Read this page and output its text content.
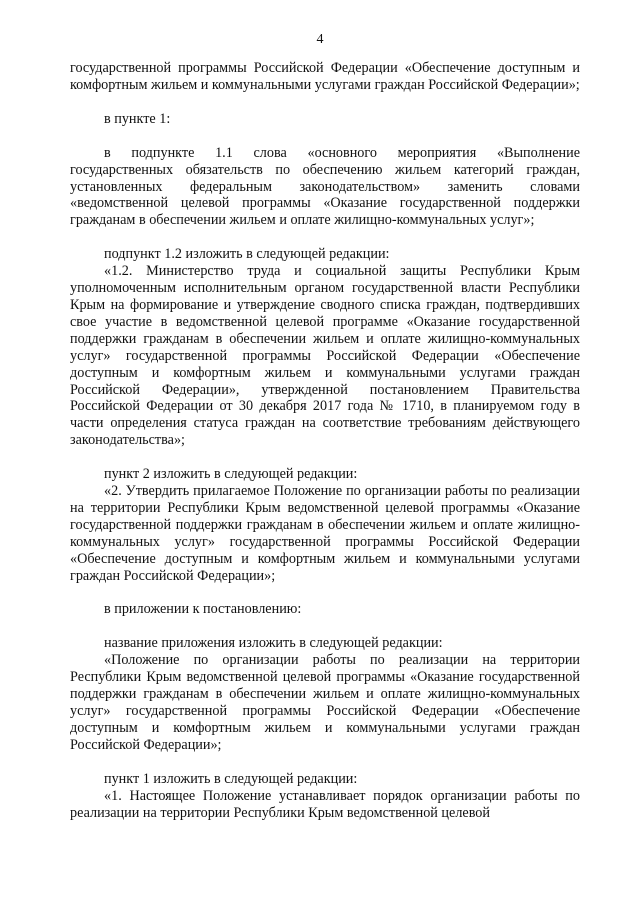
4

государственной программы Российской Федерации «Обеспечение доступным и комфортным жильем и коммунальными услугами граждан Российской Федерации»;

в пункте 1:

в подпункте 1.1 слова «основного мероприятия «Выполнение государственных обязательств по обеспечению жильем категорий граждан, установленных федеральным законодательством» заменить словами «ведомственной целевой программы «Оказание государственной поддержки гражданам в обеспечении жильем и оплате жилищно-коммунальных услуг»;

подпункт 1.2 изложить в следующей редакции:

«1.2. Министерство труда и социальной защиты Республики Крым уполномоченным исполнительным органом государственной власти Республики Крым на формирование и утверждение сводного списка граждан, подтвердивших свое участие в ведомственной целевой программе «Оказание государственной поддержки гражданам в обеспечении жильем и оплате жилищно-коммунальных услуг» государственной программы Российской Федерации «Обеспечение доступным и комфортным жильем и коммунальными услугами граждан Российской Федерации», утвержденной постановлением Правительства Российской Федерации от 30 декабря 2017 года № 1710, в планируемом году в части определения статуса граждан на соответствие требованиям действующего законодательства»;

пункт 2 изложить в следующей редакции:

«2. Утвердить прилагаемое Положение по организации работы по реализации на территории Республики Крым ведомственной целевой программы «Оказание государственной поддержки гражданам в обеспечении жильем и оплате жилищно-коммунальных услуг» государственной программы Российской Федерации «Обеспечение доступным и комфортным жильем и коммунальными услугами граждан Российской Федерации»;

в приложении к постановлению:

название приложения изложить в следующей редакции:

«Положение по организации работы по реализации на территории Республики Крым ведомственной целевой программы «Оказание государственной поддержки гражданам в обеспечении жильем и оплате жилищно-коммунальных услуг» государственной программы Российской Федерации «Обеспечение доступным и комфортным жильем и коммунальными услугами граждан Российской Федерации»;

пункт 1 изложить в следующей редакции:

«1. Настоящее Положение устанавливает порядок организации работы по реализации на территории Республики Крым ведомственной целевой
